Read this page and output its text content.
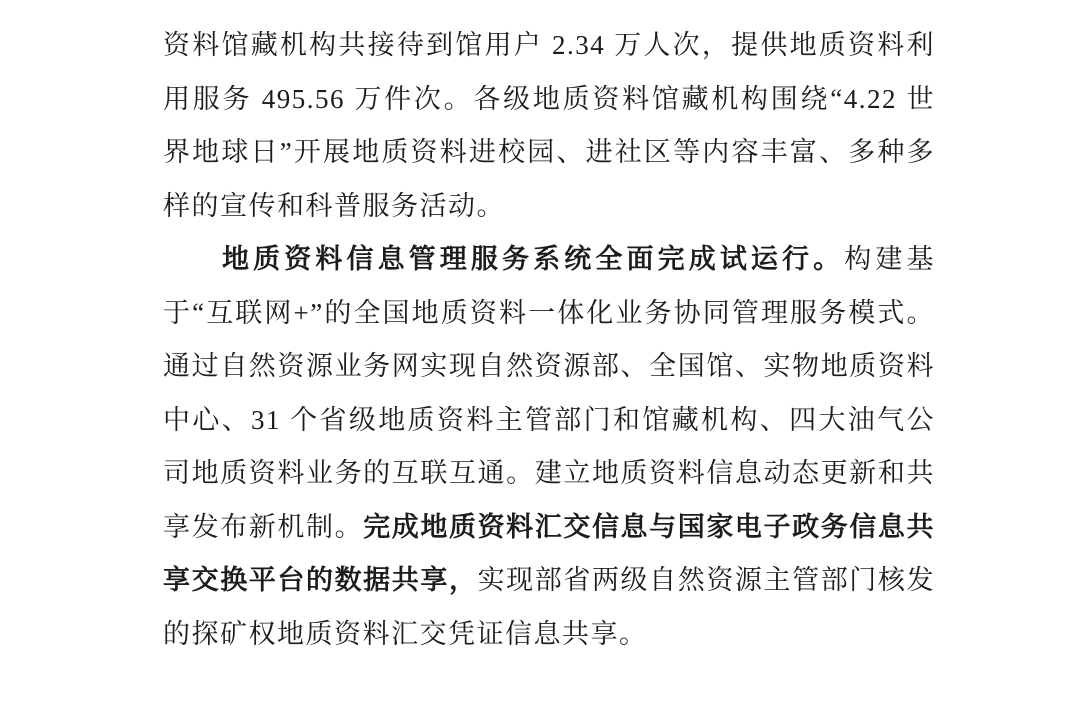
资料馆藏机构共接待到馆用户 2.34 万人次，提供地质资料利用服务 495.56 万件次。各级地质资料馆藏机构围绕“4.22 世界地球日”开展地质资料进校园、进社区等内容丰富、多种多样的宣传和科普服务活动。

地质资料信息管理服务系统全面完成试运行。构建基于“互联网+”的全国地质资料一体化业务协同管理服务模式。通过自然资源业务网实现自然资源部、全国馆、实物地质资料中心、31 个省级地质资料主管部门和馆藏机构、四大油气公司地质资料业务的互联互通。建立地质资料信息动态更新和共享发布新机制。完成地质资料汇交信息与国家电子政务信息共享交换平台的数据共享，实现部省两级自然资源主管部门核发的探矿权地质资料汇交凭证信息共享。
